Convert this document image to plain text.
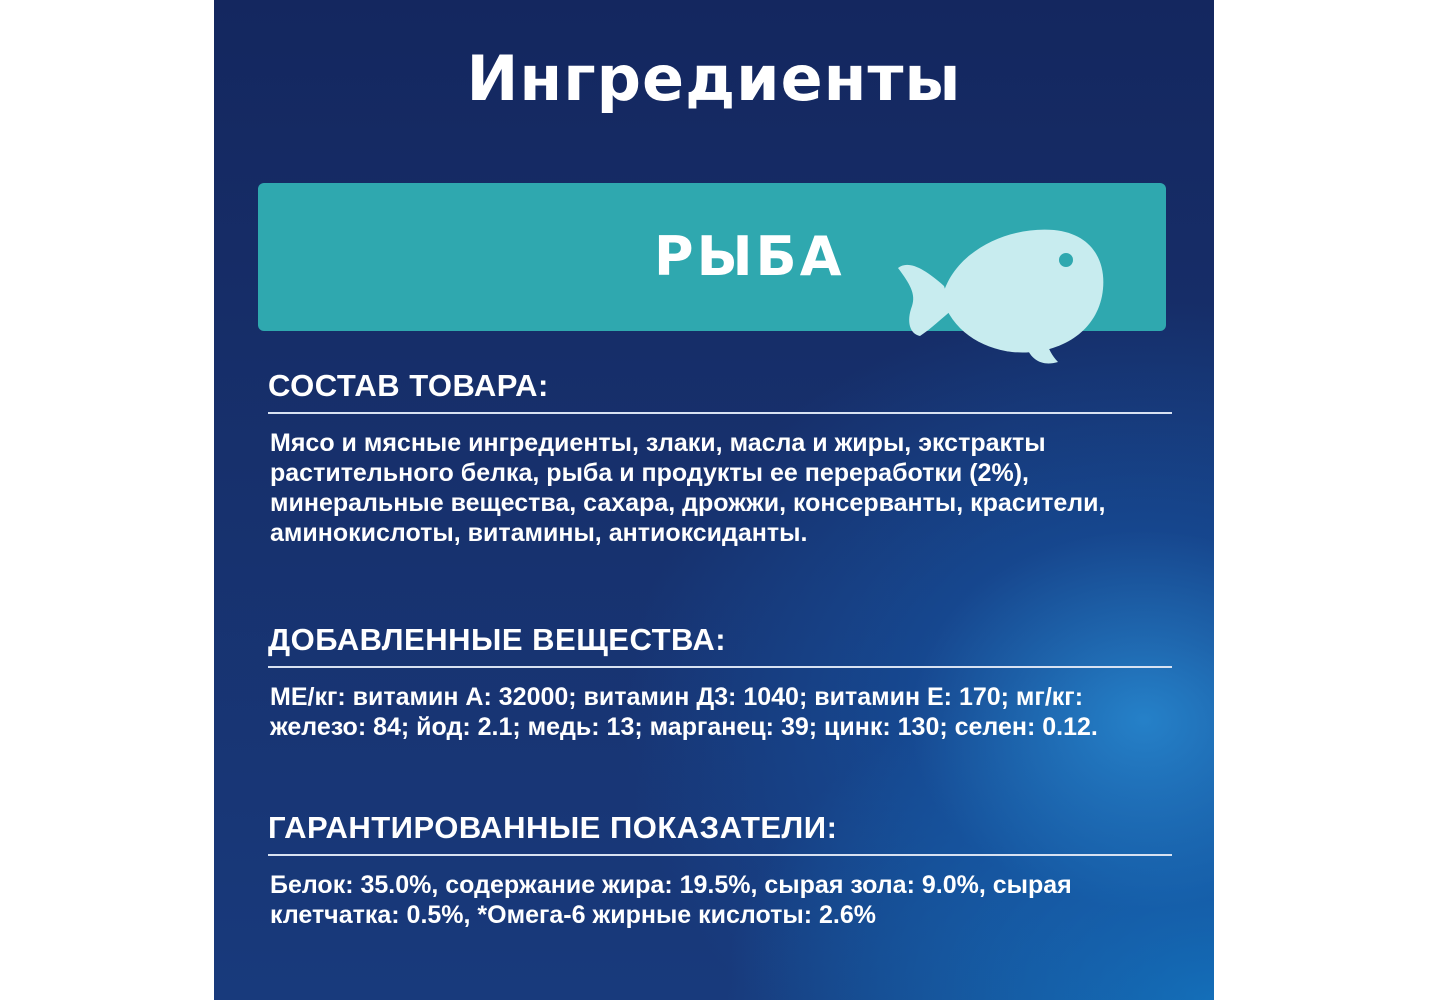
Ингредиенты
РЫБА
СОСТАВ ТОВАРА:
Мясо и мясные ингредиенты, злаки, масла и жиры, экстракты растительного белка, рыба и продукты ее переработки (2%), минеральные вещества, сахара, дрожжи, консерванты, красители, аминокислоты, витамины, антиоксиданты.
ДОБАВЛЕННЫЕ ВЕЩЕСТВА:
МЕ/кг: витамин А: 32000; витамин Д3: 1040; витамин Е: 170; мг/кг: железо: 84; йод: 2.1; медь: 13; марганец: 39; цинк: 130; селен: 0.12.
ГАРАНТИРОВАННЫЕ ПОКАЗАТЕЛИ:
Белок: 35.0%, содержание жира: 19.5%, сырая зола: 9.0%, сырая клетчатка: 0.5%, *Омега-6 жирные кислоты: 2.6%
